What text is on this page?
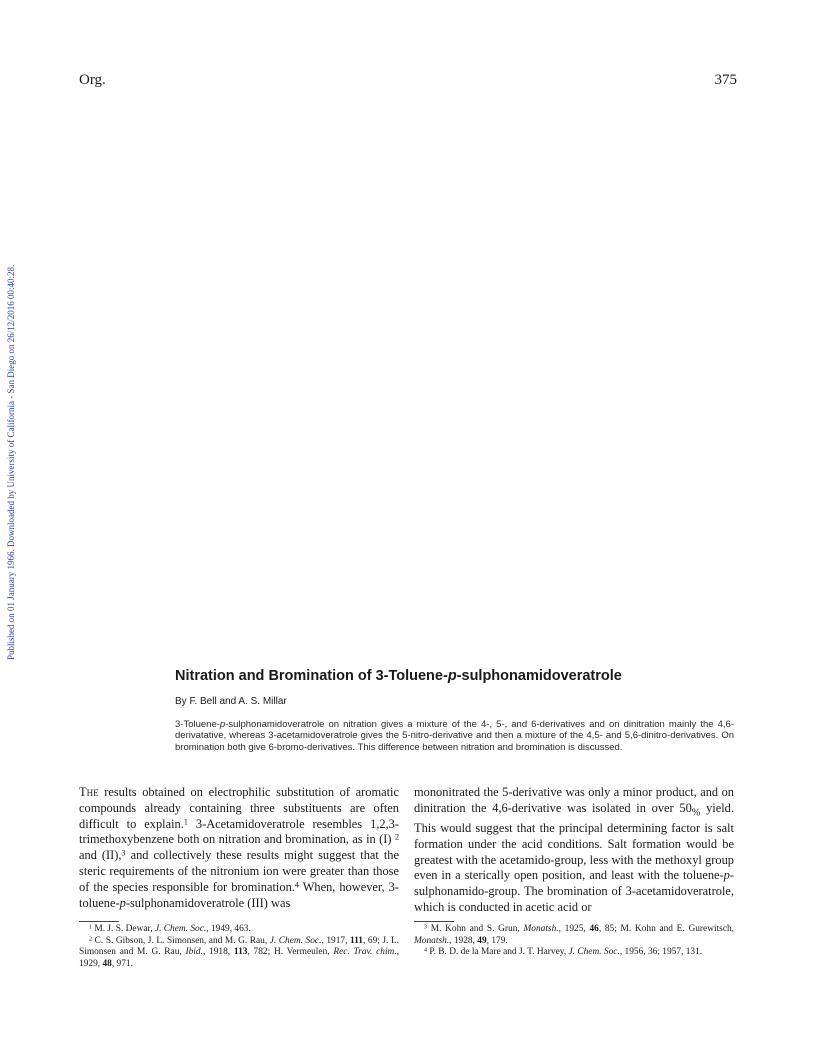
Org.	375
Published on 01 January 1966. Downloaded by University of California - San Diego on 26/12/2016 00:40:28.
Nitration and Bromination of 3-Toluene-p-sulphonamidoveratrole
By F. Bell and A. S. Millar

3-Toluene-p-sulphonamidoveratrole on nitration gives a mixture of the 4-, 5-, and 6-derivatives and on dinitration mainly the 4,6-derivatative, whereas 3-acetamidoveratrole gives the 5-nitro-derivative and then a mixture of the 4,5- and 5,6-dinitro-derivatives. On bromination both give 6-bromo-derivatives. This difference between nitration and bromination is discussed.

The results obtained on electrophilic substitution of aromatic compounds already containing three substituents are often difficult to explain.$^1$ 3-Acetamidoveratrole resembles 1,2,3-trimethoxybenzene both on nitration and bromination, as in (I) $^2$ and (II),$^3$ and collectively these results might suggest that the steric requirements of the nitronium ion were greater than those of the species responsible for bromination.$^4$ When, however, 3-toluene-p-sulphonamidoveratrole (III) was

mononitrated the 5-derivative was only a minor product, and on dinitration the 4,6-derivative was isolated in over $50_{\%}$ yield. This would suggest that the principal determining factor is salt formation under the acid conditions. Salt formation would be greatest with the acetamido-group, less with the methoxyl group even in a sterically open position, and least with the toluene-p-sulphonamido-group. The bromination of 3-acetamidoveratrole, which is conducted in acetic acid or

$^1$ M. J. S. Dewar, J. Chem. Soc., 1949, 463.

$^2$ C. S. Gibson, J. L. Simonsen, and M. G. Rau, J. Chem. Soc., 1917, 111, 69; J. L. Simonsen and M. G. Rau, Ibid., 1918, 113, 782; H. Vermeulen, Rec. Trav. chim., 1929, 48, 971.

$^3$ M. Kohn and S. Grun, Monatsh., 1925, 46, 85; M. Kohn and E. Gurewitsch, Monatsh., 1928, 49, 179.

$^4$ P. B. D. de la Mare and J. T. Harvey, J. Chem. Soc., 1956, 36; 1957, 131.
